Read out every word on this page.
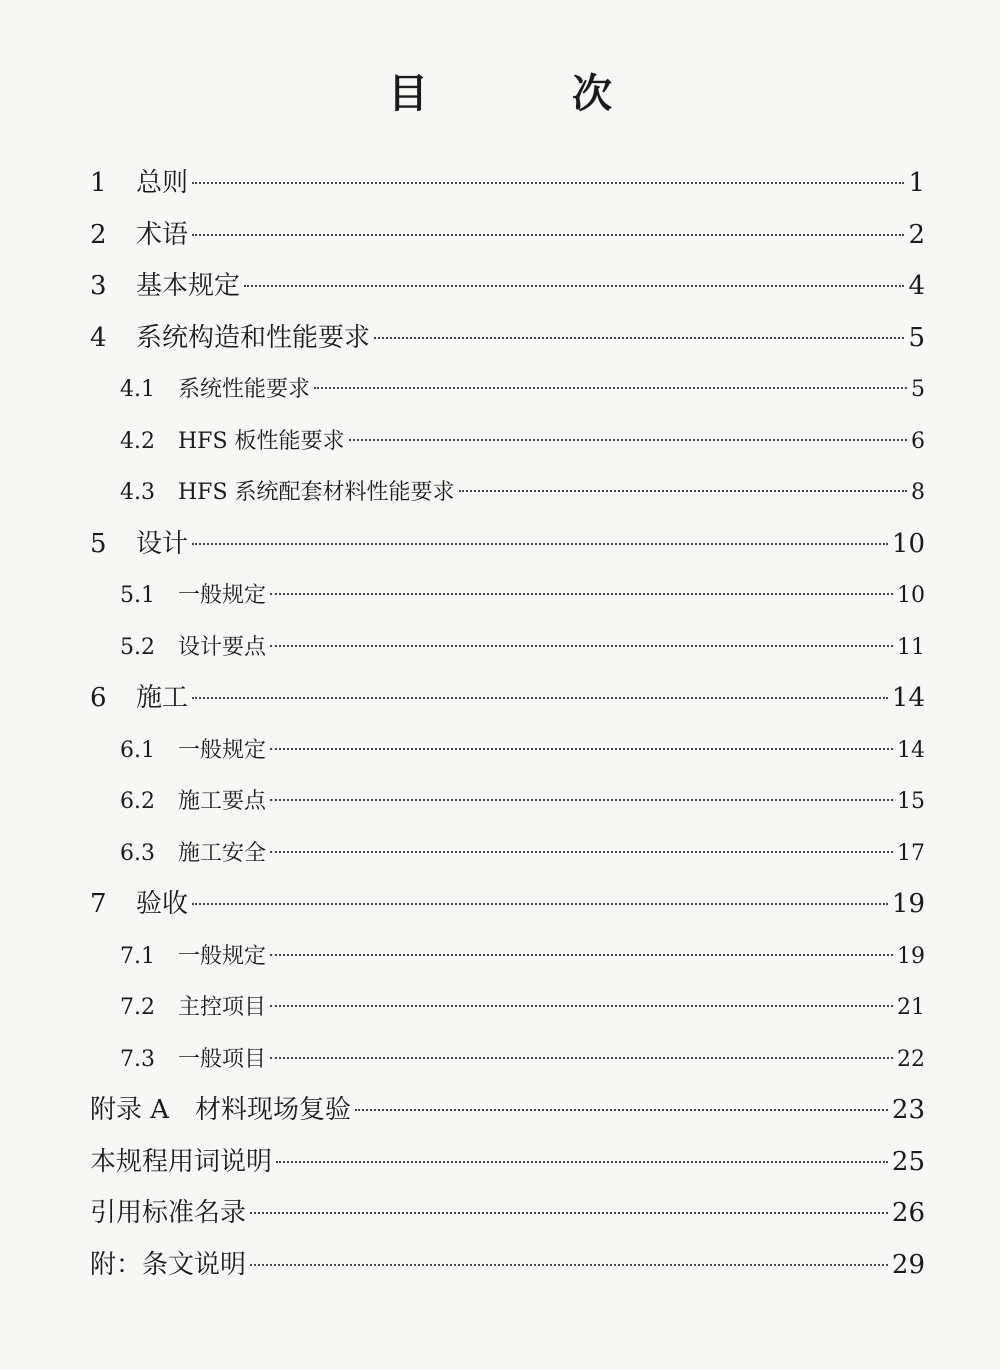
目　次
1	总则	1
2	术语	2
3	基本规定	4
4	系统构造和性能要求	5
4.1	系统性能要求	5
4.2	HFS 板性能要求	6
4.3	HFS 系统配套材料性能要求	8
5	设计	10
5.1	一般规定	10
5.2	设计要点	11
6	施工	14
6.1	一般规定	14
6.2	施工要点	15
6.3	施工安全	17
7	验收	19
7.1	一般规定	19
7.2	主控项目	21
7.3	一般项目	22
附录 A　材料现场复验	23
本规程用词说明	25
引用标准名录	26
附：条文说明	29
